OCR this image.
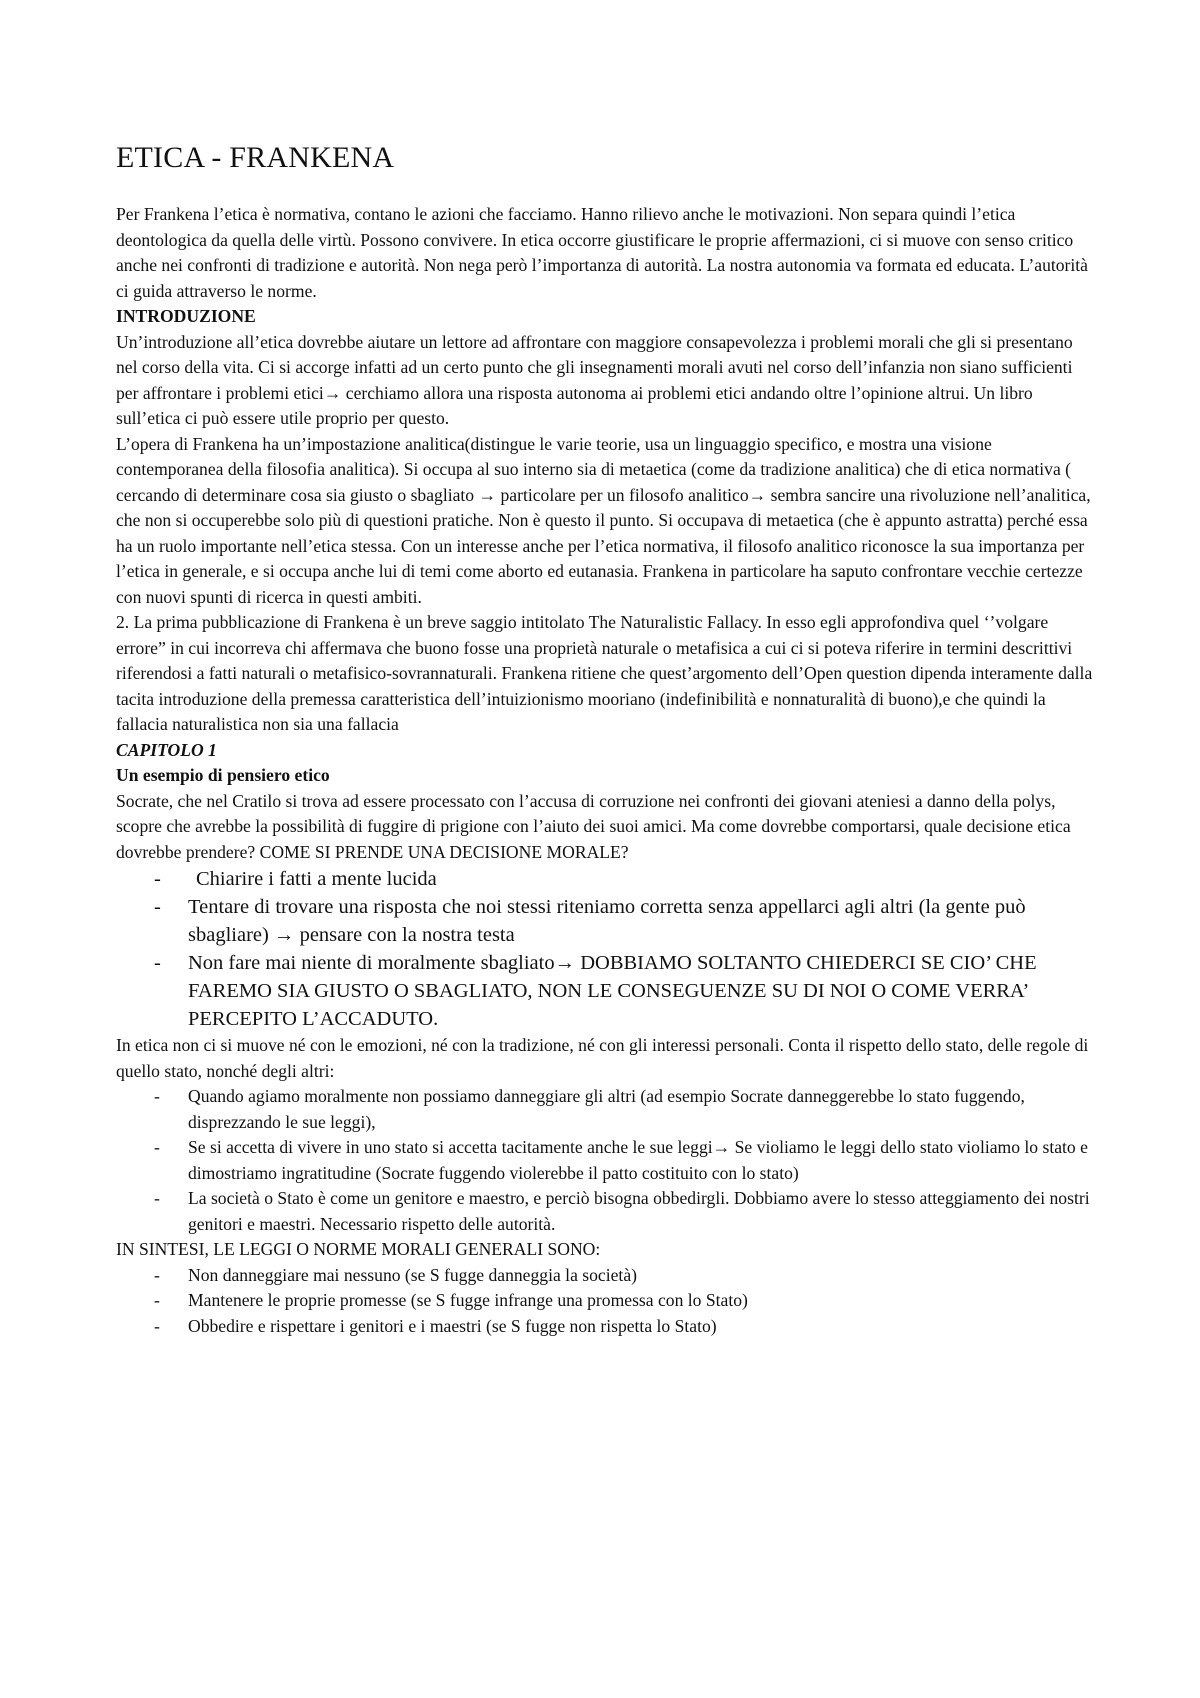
ETICA - FRANKENA

Per Frankena l’etica è normativa, contano le azioni che facciamo. Hanno rilievo anche le motivazioni. Non separa quindi l’etica deontologica da quella delle virtù. Possono convivere. In etica occorre giustificare le proprie affermazioni, ci si muove con senso critico anche nei confronti di tradizione e autorità. Non nega però l’importanza di autorità. La nostra autonomia va formata ed educata. L’autorità ci guida attraverso le norme.

INTRODUZIONE

Un’introduzione all’etica dovrebbe aiutare un lettore ad affrontare con maggiore consapevolezza i problemi morali che gli si presentano nel corso della vita. Ci si accorge infatti ad un certo punto che gli insegnamenti morali avuti nel corso dell’infanzia non siano sufficienti per affrontare i problemi etici→ cerchiamo allora una risposta autonoma ai problemi etici andando oltre l’opinione altrui. Un libro sull’etica ci può essere utile proprio per questo.

L’opera di Frankena ha un’impostazione analitica(distingue le varie teorie, usa un linguaggio specifico, e mostra una visione contemporanea della filosofia analitica). Si occupa al suo interno sia di metaetica (come da tradizione analitica) che di etica normativa ( cercando di determinare cosa sia giusto o sbagliato → particolare per un filosofo analitico→ sembra sancire una rivoluzione nell’analitica, che non si occuperebbe solo più di questioni pratiche. Non è questo il punto. Si occupava di metaetica (che è appunto astratta) perché essa ha un ruolo importante nell’etica stessa. Con un interesse anche per l’etica normativa, il filosofo analitico riconosce la sua importanza per l’etica in generale, e si occupa anche lui di temi come aborto ed eutanasia. Frankena in particolare ha saputo confrontare vecchie certezze con nuovi spunti di ricerca in questi ambiti.

2. La prima pubblicazione di Frankena è un breve saggio intitolato The Naturalistic Fallacy. In esso egli approfondiva quel ‘’volgare errore” in cui incorreva chi affermava che buono fosse una proprietà naturale o metafisica a cui ci si poteva riferire in termini descrittivi riferendosi a fatti naturali o metafisico-sovrannaturali. Frankena ritiene che quest’argomento dell’Open question dipenda interamente dalla tacita introduzione della premessa caratteristica dell’intuizionismo mooriano (indefinibilità e nonnaturalità di buono),e che quindi la fallacia naturalistica non sia una fallacia

CAPITOLO 1

Un esempio di pensiero etico

Socrate, che nel Cratilo si trova ad essere processato con l’accusa di corruzione nei confronti dei giovani ateniesi a danno della polys, scopre che avrebbe la possibilità di fuggire di prigione con l’aiuto dei suoi amici. Ma come dovrebbe comportarsi, quale decisione etica dovrebbe prendere? COME SI PRENDE UNA DECISIONE MORALE?

- Chiarire i fatti a mente lucida
- Tentare di trovare una risposta che noi stessi riteniamo corretta senza appellarci agli altri (la gente può sbagliare) → pensare con la nostra testa
- Non fare mai niente di moralmente sbagliato→ DOBBIAMO SOLTANTO CHIEDERCI SE CIO’ CHE FAREMO SIA GIUSTO O SBAGLIATO, NON LE CONSEGUENZE SU DI NOI O COME VERRA’ PERCEPITO L’ACCADUTO.

In etica non ci si muove né con le emozioni, né con la tradizione, né con gli interessi personali. Conta il rispetto dello stato, delle regole di quello stato, nonché degli altri:

- Quando agiamo moralmente non possiamo danneggiare gli altri (ad esempio Socrate danneggerebbe lo stato fuggendo, disprezzando le sue leggi),
- Se si accetta di vivere in uno stato si accetta tacitamente anche le sue leggi→ Se violiamo le leggi dello stato violiamo lo stato e dimostriamo ingratitudine (Socrate fuggendo violerebbe il patto costituito con lo stato)
- La società o Stato è come un genitore e maestro, e perciò bisogna obbedirgli. Dobbiamo avere lo stesso atteggiamento dei nostri genitori e maestri. Necessario rispetto delle autorità.

IN SINTESI, LE LEGGI O NORME MORALI GENERALI SONO:

- Non danneggiare mai nessuno (se S fugge danneggia la società)
- Mantenere le proprie promesse (se S fugge infrange una promessa con lo Stato)
- Obbedire e rispettare i genitori e i maestri (se S fugge non rispetta lo Stato)
